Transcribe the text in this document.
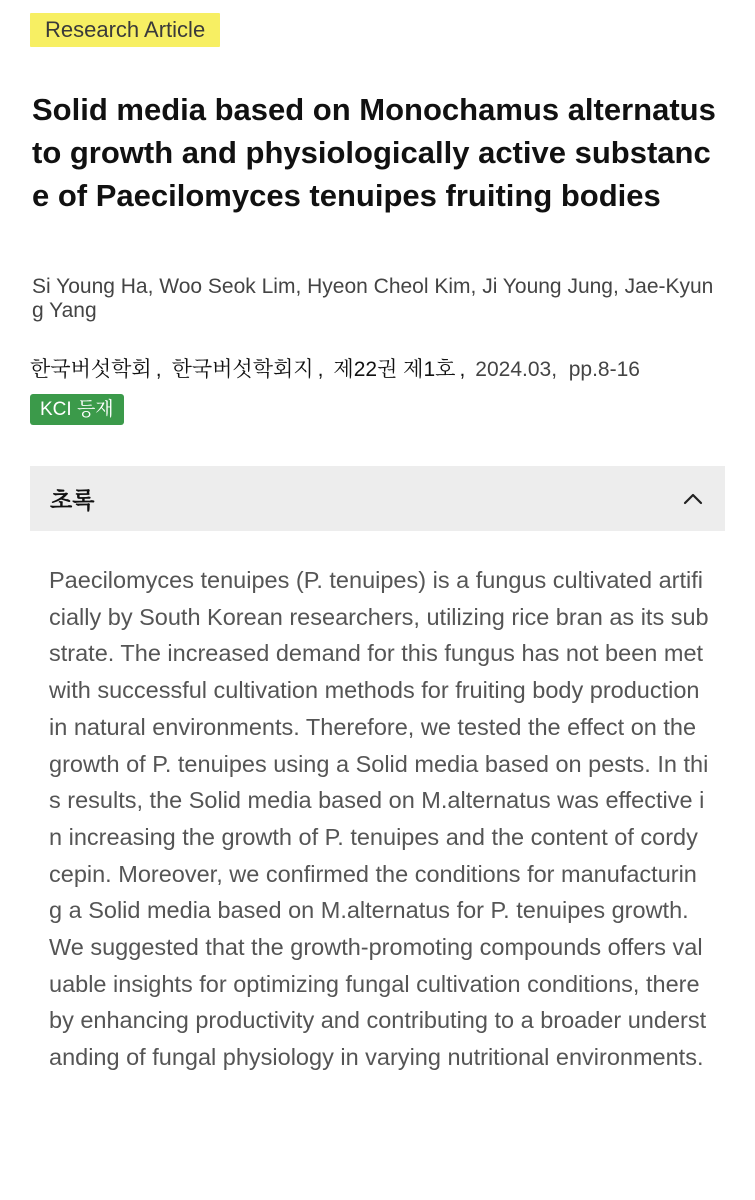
Research Article
Solid media based on Monochamus alternatus to growth and physiologically active substance of Paecilomyces tenuipes fruiting bodies
Si Young Ha, Woo Seok Lim, Hyeon Cheol Kim, Ji Young Jung, Jae-Kyung Yang
한국버섯학회 , 한국버섯학회지 , 제22권 제1호 , 2024.03, pp.8-16
KCI 등재
초록
Paecilomyces tenuipes (P. tenuipes) is a fungus cultivated artificially by South Korean researchers, utilizing rice bran as its substrate. The increased demand for this fungus has not been met with successful cultivation methods for fruiting body production in natural environments. Therefore, we tested the effect on the growth of P. tenuipes using a Solid media based on pests. In this results, the Solid media based on M.alternatus was effective in increasing the growth of P. tenuipes and the content of cordycepin. Moreover, we confirmed the conditions for manufacturing a Solid media based on M.alternatus for P. tenuipes growth. We suggested that the growth-promoting compounds offers valuable insights for optimizing fungal cultivation conditions, thereby enhancing productivity and contributing to a broader understanding of fungal physiology in varying nutritional environments.
